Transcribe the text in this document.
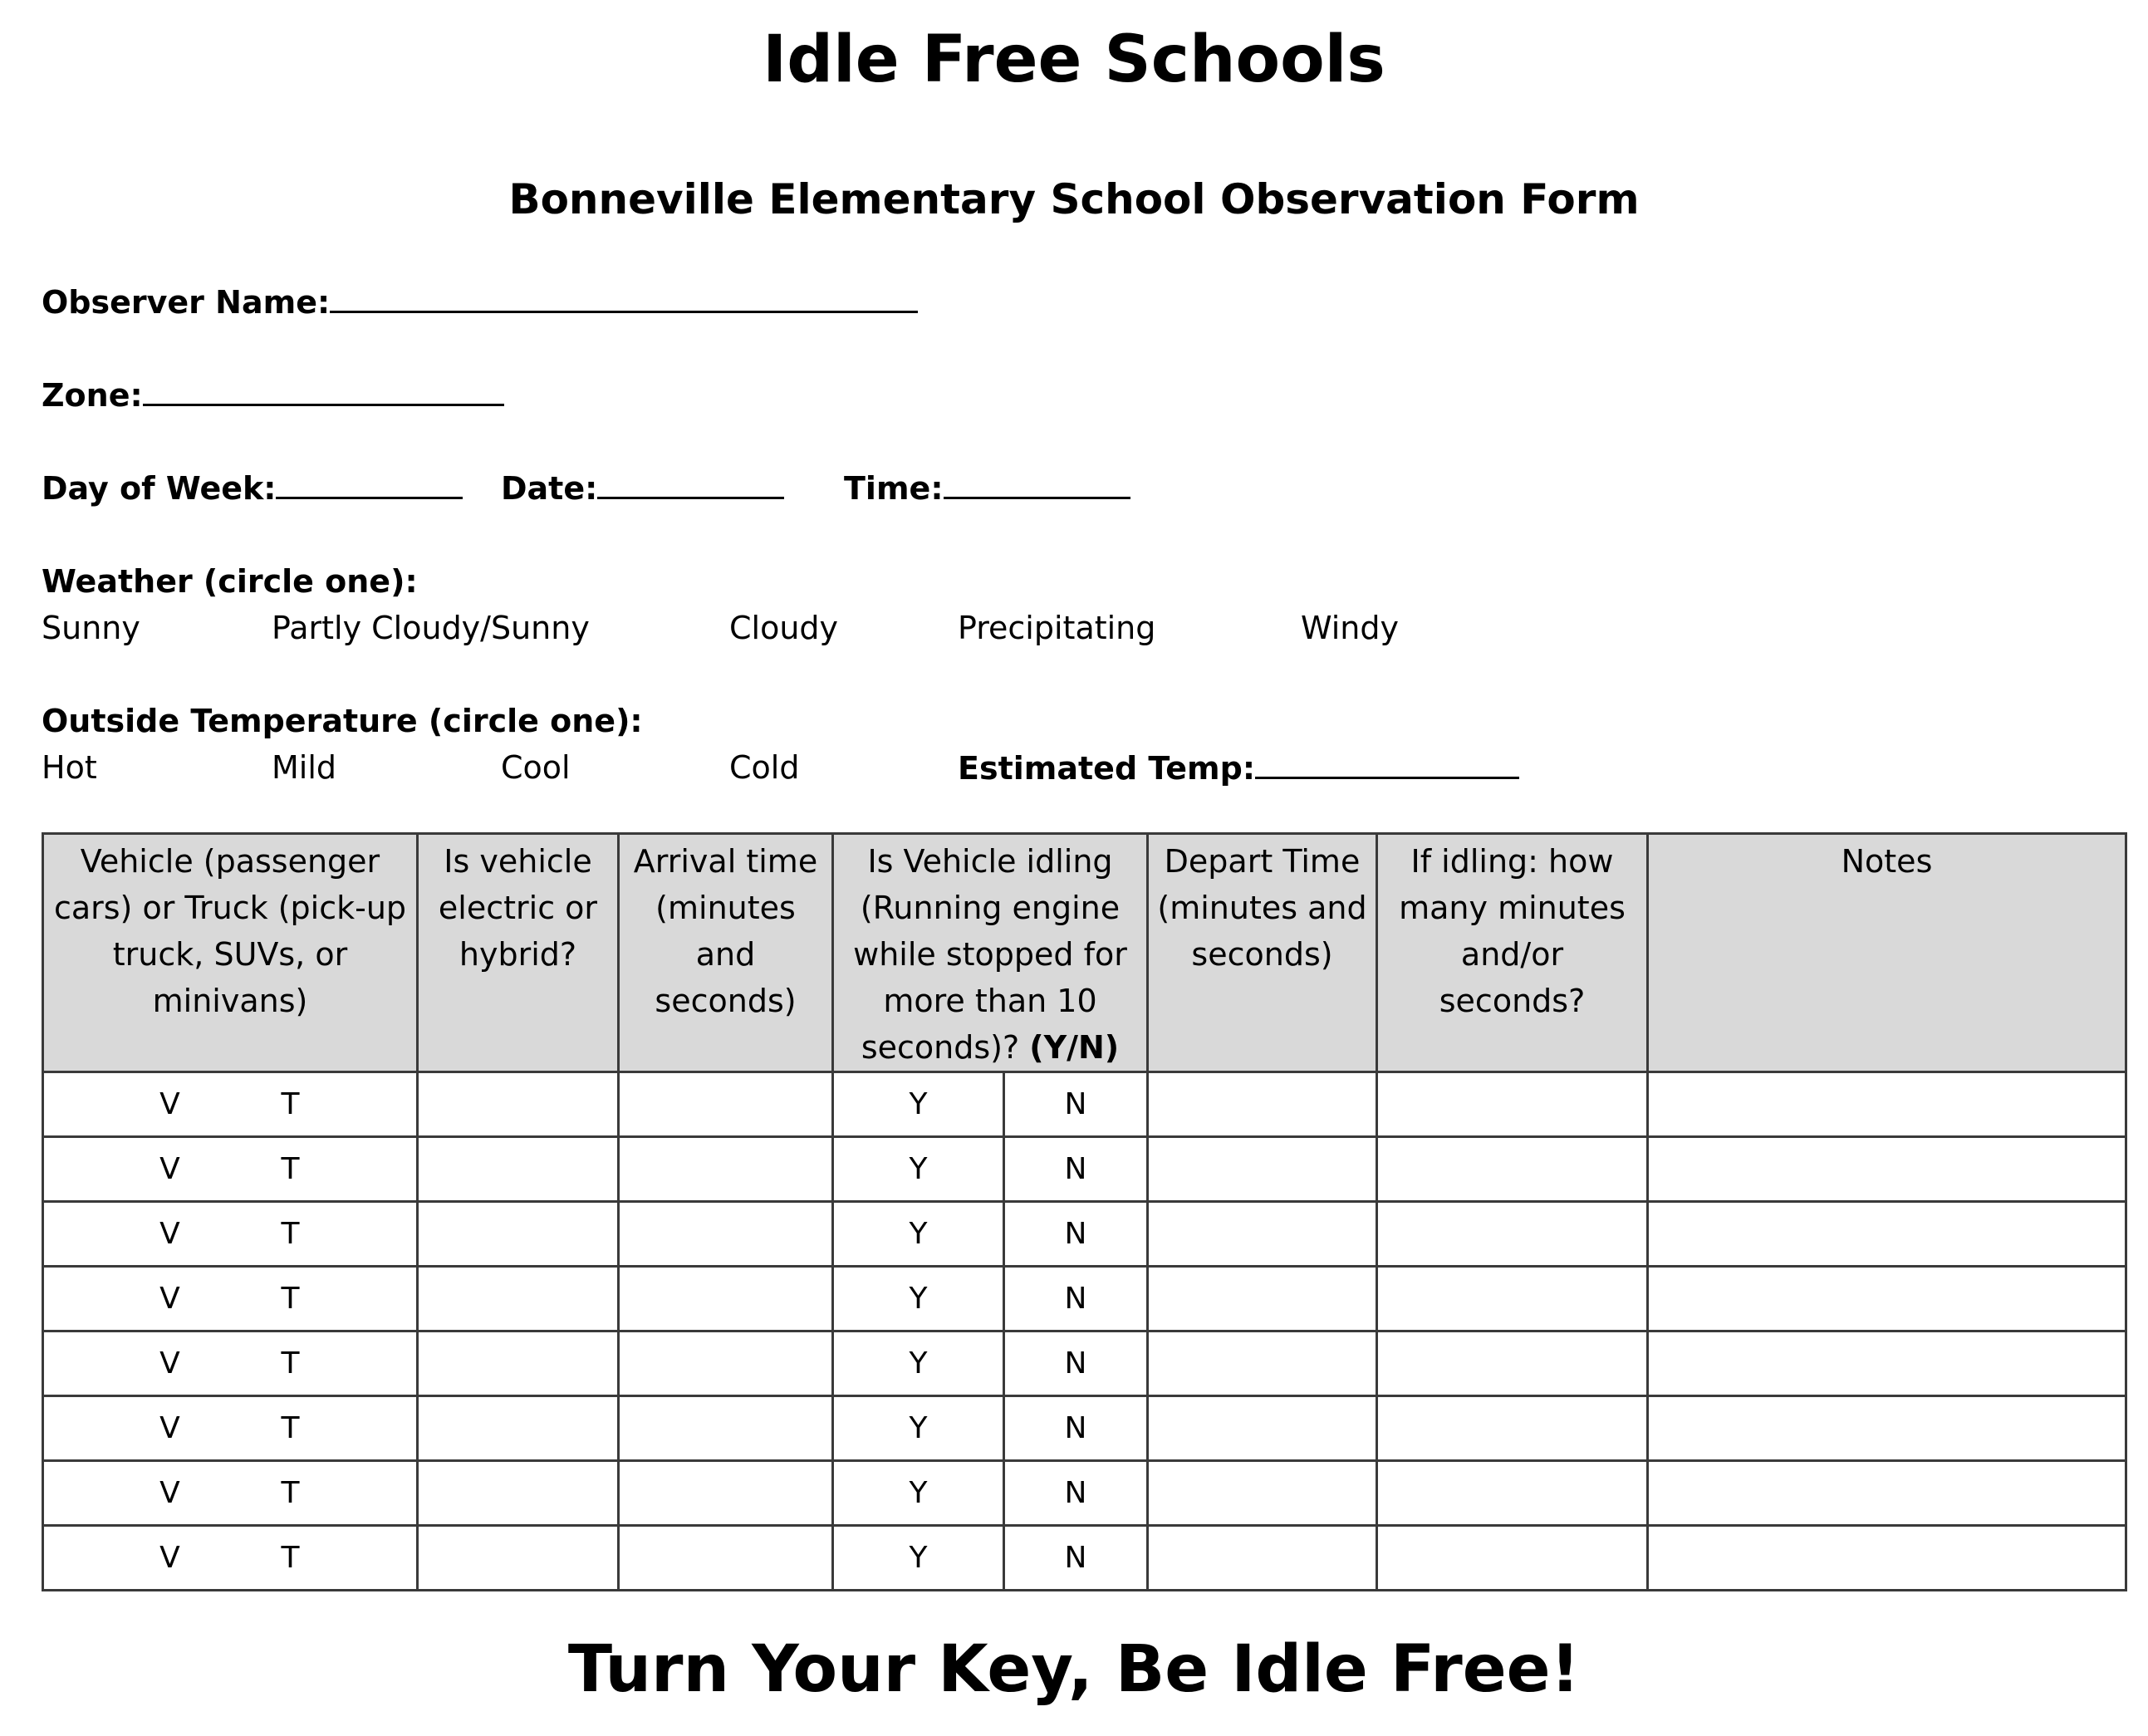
Idle Free Schools
Bonneville Elementary School Observation Form
Observer Name:
Zone:
Day of Week:	Date:	Time:
Weather (circle one):
Sunny	Partly Cloudy/Sunny	Cloudy	Precipitating	Windy
Outside Temperature (circle one):
Hot	Mild	Cool	Cold	Estimated Temp:
Vehicle (passenger cars) or Truck (pick-up truck, SUVs, or minivans)	Is vehicle electric or hybrid?	Arrival time (minutes and seconds)	Is Vehicle idling (Running engine while stopped for more than 10 seconds)? (Y/N)		Depart Time (minutes and seconds)	If idling: how many minutes and/or seconds?	Notes
V T			Y	N			
V T			Y	N			
V T			Y	N			
V T			Y	N			
V T			Y	N			
V T			Y	N			
V T			Y	N			
V T			Y	N			
Turn Your Key, Be Idle Free!
